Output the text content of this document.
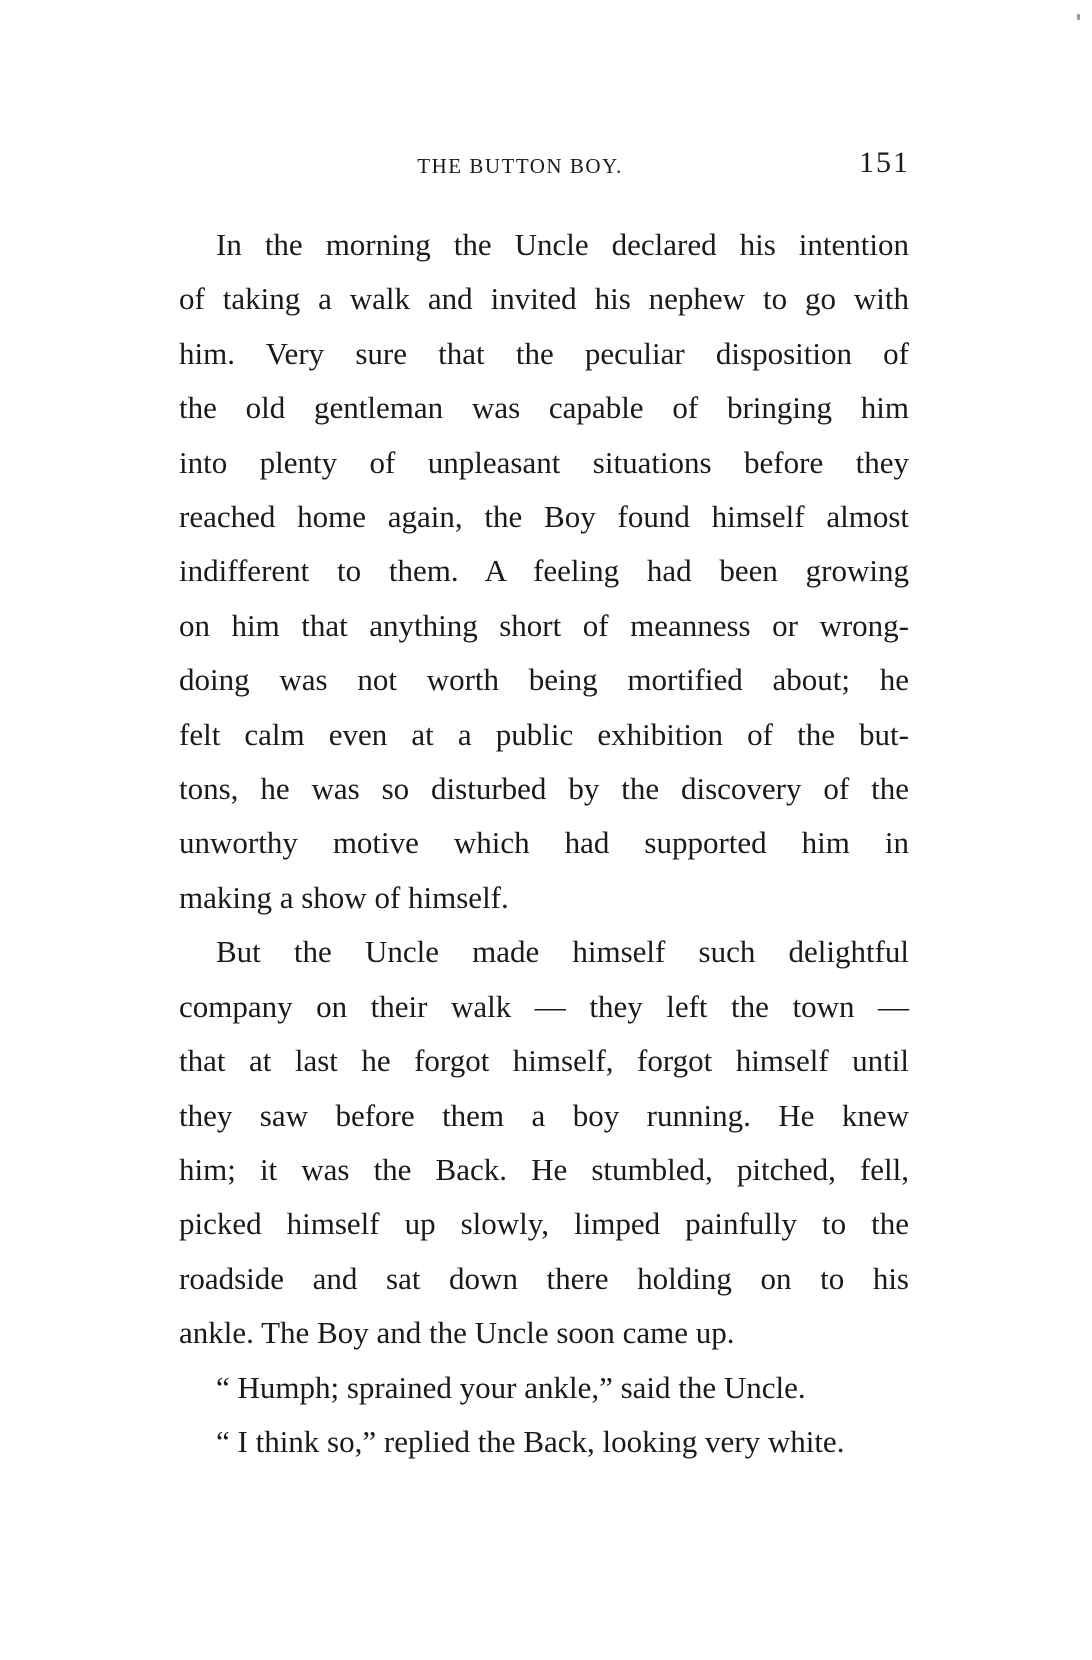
THE BUTTON BOY.	151

In the morning the Uncle declared his intention
of taking a walk and invited his nephew to go with
him. Very sure that the peculiar disposition of
the old gentleman was capable of bringing him
into plenty of unpleasant situations before they
reached home again, the Boy found himself almost
indifferent to them. A feeling had been growing
on him that anything short of meanness or wrong-
doing was not worth being mortified about; he
felt calm even at a public exhibition of the but-
tons, he was so disturbed by the discovery of the
unworthy motive which had supported him in
making a show of himself.

But the Uncle made himself such delightful
company on their walk — they left the town —
that at last he forgot himself, forgot himself until
they saw before them a boy running. He knew
him; it was the Back. He stumbled, pitched, fell,
picked himself up slowly, limped painfully to the
roadside and sat down there holding on to his
ankle. The Boy and the Uncle soon came up.

“ Humph; sprained your ankle,” said the Uncle.

“ I think so,” replied the Back, looking very white.
